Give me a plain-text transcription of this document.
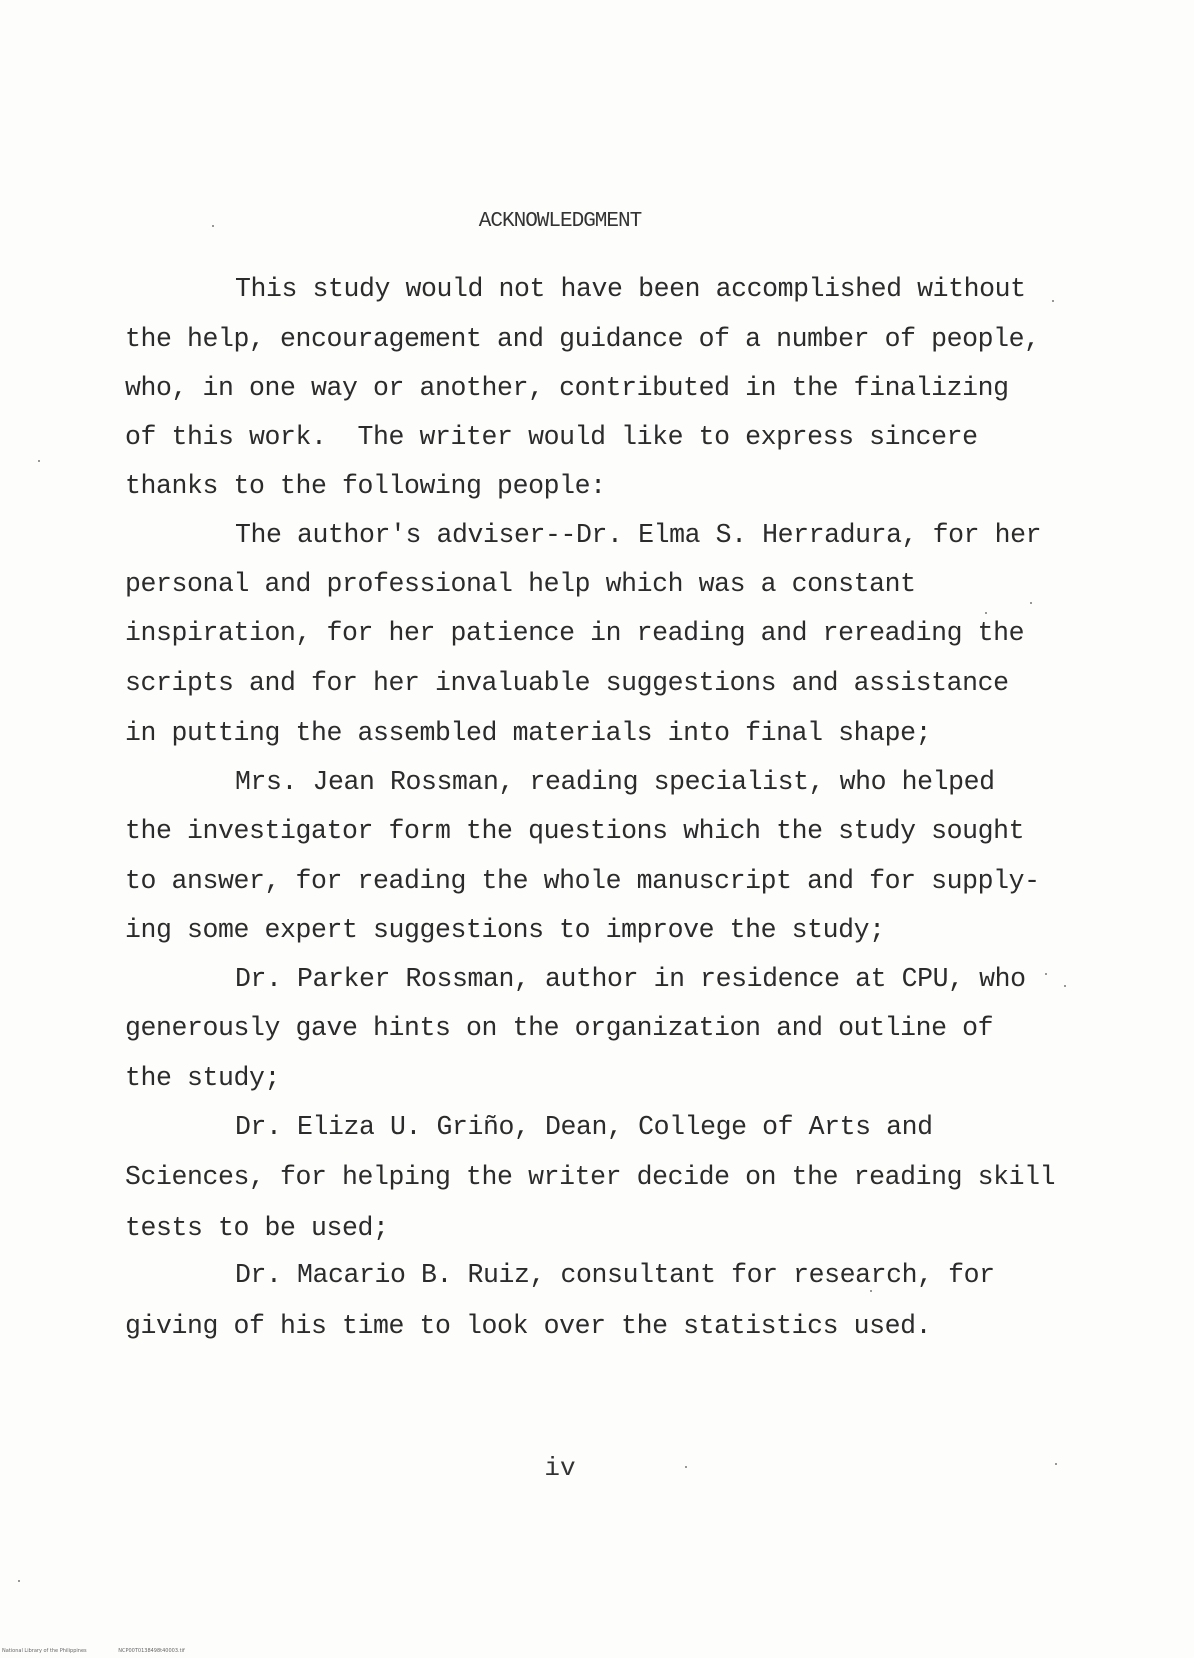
ACKNOWLEDGMENT
This study would not have been accomplished without
the help, encouragement and guidance of a number of people,
who, in one way or another, contributed in the finalizing
of this work.  The writer would like to express sincere
thanks to the following people:
The author's adviser--Dr. Elma S. Herradura, for her
personal and professional help which was a constant
inspiration, for her patience in reading and rereading the
scripts and for her invaluable suggestions and assistance
in putting the assembled materials into final shape;
Mrs. Jean Rossman, reading specialist, who helped
the investigator form the questions which the study sought
to answer, for reading the whole manuscript and for supply-
ing some expert suggestions to improve the study;
Dr. Parker Rossman, author in residence at CPU, who
generously gave hints on the organization and outline of
the study;
Dr. Eliza U. Griño, Dean, College of Arts and
Sciences, for helping the writer decide on the reading skill
tests to be used;
Dr. Macario B. Ruiz, consultant for research, for
giving of his time to look over the statistics used.
iv
National Library of the Philippines	NCP00T0138498t40003.tif
